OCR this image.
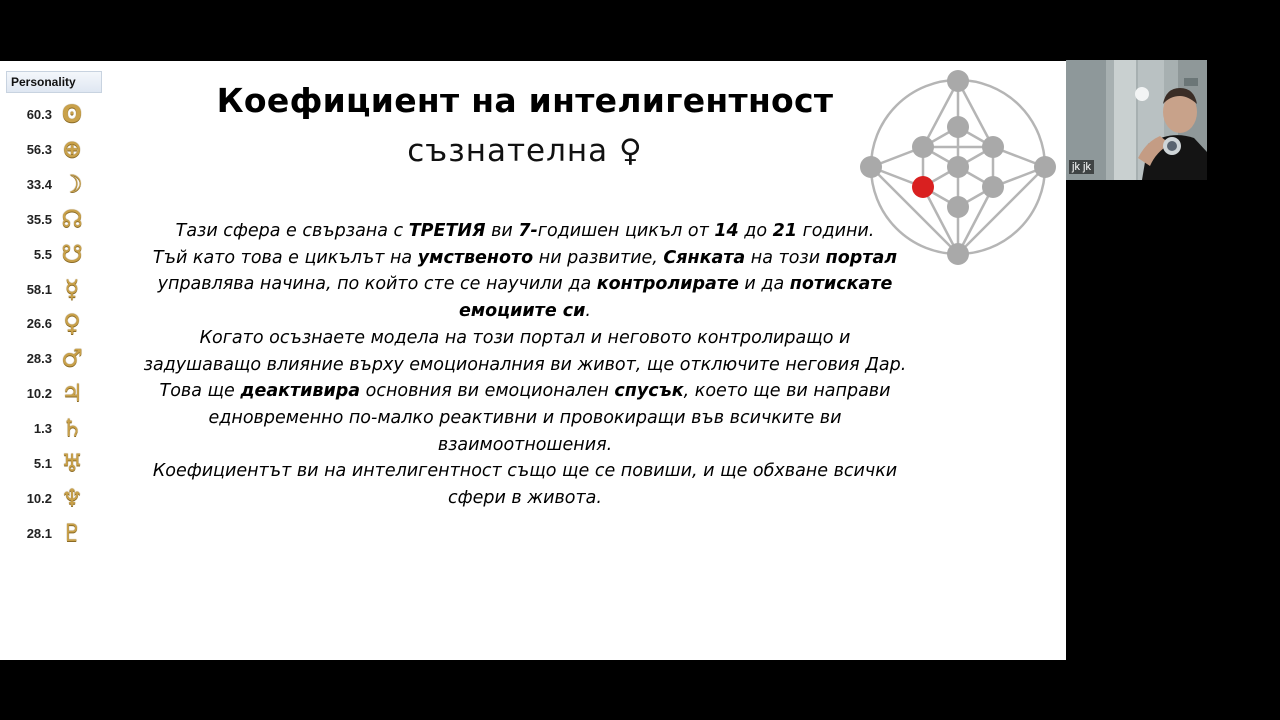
Personality
60.3 ʘ
56.3 ⊕
33.4 ☽
35.5 ☊
5.5 ☋
58.1 ☿
26.6 ♀
28.3 ♂
10.2 ♃
1.3 ♄
5.1 ♅
10.2 ♆
28.1 ♇
Коефициент на интелигентност
съзнателна ♀
Тази сфера е свързана с ТРЕТИЯ ви 7-годишен цикъл от 14 до 21 години.
Тъй като това е цикълът на умственото ни развитие, Сянката на този портал управлява начина, по който сте се научили да контролирате и да потискате емоциите си.
Когато осъзнаете модела на този портал и неговото контролиращо и задушаващо влияние върху емоционалния ви живот, ще отключите неговия Дар.
Това ще деактивира основния ви емоционален спусък, което ще ви направи едновременно по-малко реактивни и провокиращи във всичките ви взаимоотношения.
Коефициентът ви на интелигентност също ще се повиши, и ще обхване всички сфери в живота.
jk jk
